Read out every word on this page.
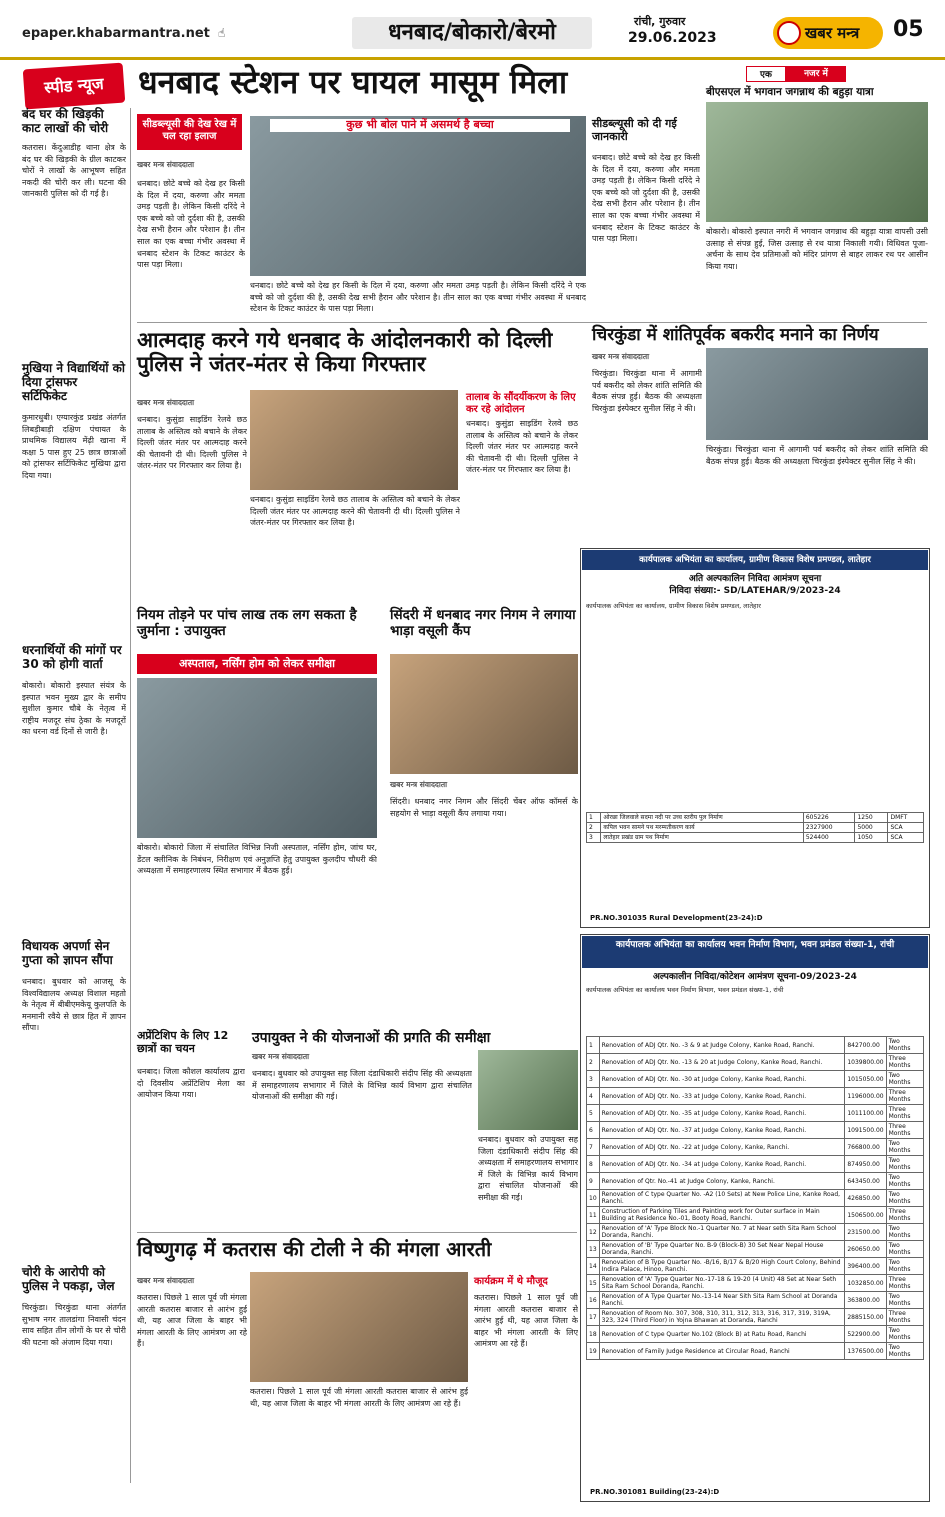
epaper.khabarmantra.net ☝	धनबाद/बोकारो/बेरमो	रांची, गुरुवार
29.06.2023	खबर मन्त्र 05
स्पीड न्यूज	धनबाद स्टेशन पर घायल मासूम मिला
बंद घर की खिड़की काट लाखों की चोरी
कतरास। केंदुआडीह थाना क्षेत्र के बंद घर की खिड़की के ग्रील काटकर चोरों ने लाखों के आभूषण सहित नकदी की चोरी कर ली। घटना की जानकारी पुलिस को दी गई है।
मुखिया ने विद्यार्थियों को दिया ट्रांसफर सर्टिफिकेट
कुमारधुबी। एग्यारकुंड प्रखंड अंतर्गत लिबड़ीबाड़ी दक्षिण पंचायत के प्राथमिक विद्यालय मेंढ़ी खाना में कक्षा 5 पास हुए 25 छात्र छात्राओं को ट्रांसफर सर्टिफिकेट मुखिया द्वारा दिया गया।
धरनार्थियों की मांगों पर 30 को होगी वार्ता
बोकारो। बोकारो इस्पात संयंत्र के इस्पात भवन मुख्य द्वार के समीप सुशील कुमार चौबे के नेतृत्व में राष्ट्रीय मजदूर संघ ठ्रेका के मजदूरों का धरना वर्ड दिनों से जारी है।
विधायक अपर्णा सेन गुप्ता को ज्ञापन सौंपा
धनबाद। बुधवार को आजसू के विश्वविद्यालय अध्यक्ष विशाल महतो के नेतृत्व में बीबीएमकेयू कुलपति के मनमानी रवैये से छात्र हित में ज्ञापन सौंपा।
चोरी के आरोपी को पुलिस ने पकड़ा, जेल
चिरकुंडा। चिरकुंडा थाना अंतर्गत सुभाष नगर तालडांगा निवासी चंदन साव सहित तीन लोगों के घर से चोरी की घटना को अंजाम दिया गया।
सीडब्ल्यूसी की देख रेख में चल रहा इलाज
कुछ भी बोल पाने में असमर्थ है बच्चा
खबर मन्त्र संवाददाता
धनबाद। छोटे बच्चे को देख हर किसी के दिल में दया, करुणा और ममता उमड़ पड़ती है। लेकिन किसी दरिंदे ने एक बच्चे को जो दुर्दशा की है, उसकी देख सभी हैरान और परेशान है। तीन साल का एक बच्चा गंभीर अवस्था में धनबाद स्टेशन के टिकट काउंटर के पास पड़ा मिला।
धनबाद। छोटे बच्चे को देख हर किसी के दिल में दया, करुणा और ममता उमड़ पड़ती है। लेकिन किसी दरिंदे ने एक बच्चे को जो दुर्दशा की है, उसकी देख सभी हैरान और परेशान है। तीन साल का एक बच्चा गंभीर अवस्था में धनबाद स्टेशन के टिकट काउंटर के पास पड़ा मिला।
सीडब्ल्यूसी को दी गई जानकारी
धनबाद। छोटे बच्चे को देख हर किसी के दिल में दया, करुणा और ममता उमड़ पड़ती है। लेकिन किसी दरिंदे ने एक बच्चे को जो दुर्दशा की है, उसकी देख सभी हैरान और परेशान है। तीन साल का एक बच्चा गंभीर अवस्था में धनबाद स्टेशन के टिकट काउंटर के पास पड़ा मिला।
एक	नजर में
बीएसएल में भगवान जगन्नाथ की बहुड़ा यात्रा
बोकारो। बोकारो इस्पात नगरी में भगवान जगन्नाथ की बहुड़ा यात्रा वापसी उसी उत्साह से संपन्न हुई, जिस उत्साह से रथ यात्रा निकाली गयी। विधिवत पूजा-अर्चना के साथ देव प्रतिमाओं को मंदिर प्रांगण से बाहर लाकर रथ पर आसीन किया गया।
आत्मदाह करने गये धनबाद के आंदोलनकारी को दिल्ली पुलिस ने जंतर-मंतर से किया गिरफ्तार
खबर मन्त्र संवाददाता
धनबाद। कुसुंडा साइडिंग रेलवे छठ तालाब के अस्तित्व को बचाने के लेकर दिल्ली जंतर मंतर पर आत्मदाह करने की चेतावनी दी थी। दिल्ली पुलिस ने जंतर-मंतर पर गिरफ्तार कर लिया है।
धनबाद। कुसुंडा साइडिंग रेलवे छठ तालाब के अस्तित्व को बचाने के लेकर दिल्ली जंतर मंतर पर आत्मदाह करने की चेतावनी दी थी। दिल्ली पुलिस ने जंतर-मंतर पर गिरफ्तार कर लिया है।
तालाब के सौंदर्यीकरण के लिए कर रहे आंदोलन
धनबाद। कुसुंडा साइडिंग रेलवे छठ तालाब के अस्तित्व को बचाने के लेकर दिल्ली जंतर मंतर पर आत्मदाह करने की चेतावनी दी थी। दिल्ली पुलिस ने जंतर-मंतर पर गिरफ्तार कर लिया है।
चिरकुंडा में शांतिपूर्वक बकरीद मनाने का निर्णय
खबर मन्त्र संवाददाता
चिरकुंडा। चिरकुंडा थाना में आगामी पर्व बकरीद को लेकर शांति समिति की बैठक संपन्न हुई। बैठक की अध्यक्षता चिरकुंडा इंस्पेक्टर सुनील सिंह ने की।
चिरकुंडा। चिरकुंडा थाना में आगामी पर्व बकरीद को लेकर शांति समिति की बैठक संपन्न हुई। बैठक की अध्यक्षता चिरकुंडा इंस्पेक्टर सुनील सिंह ने की।
कार्यपालक अभियंता का कार्यालय, ग्रामीण विकास विशेष प्रमण्डल, लातेहार
अति अल्पकालिन निविदा आमंत्रण सूचना
निविदा संख्या:- SD/LATEHAR/9/2023-24
कार्यपालक अभियंता का कार्यालय, ग्रामीण विकास विशेष प्रमण्डल, लातेहार
1	ओरछा जिलवाले सदमा नदी पर उच्च स्तरीय पुल निर्माण	605226	1250	DMFT
2	कपिल भवन सामने पथ मरम्मतीकरण कार्य	2327900	5000	SCA
3	लातेहार प्रखंड ग्राम पथ निर्माण	524400	1050	SCA
PR.NO.301035 Rural Development(23-24):D
नियम तोड़ने पर पांच लाख तक लग सकता है जुर्माना : उपायुक्त
अस्पताल, नर्सिंग होम को लेकर समीक्षा
बोकारो। बोकारो जिला में संचालित विभिन्न निजी अस्पताल, नर्सिंग होम, जांच घर, डेंटल क्लीनिक के निबंधन, निरीक्षण एवं अनुज्ञप्ति हेतु उपायुक्त कुलदीप चौधरी की अध्यक्षता में समाहरणालय स्थित सभागार में बैठक हुई।
सिंदरी में धनबाद नगर निगम ने लगाया भाड़ा वसूली कैंप
खबर मन्त्र संवाददाता
सिंदरी। धनबाद नगर निगम और सिंदरी चेंबर ऑफ कॉमर्स के सहयोग से भाड़ा वसूली कैंप लगाया गया।
अप्रेंटिशिप के लिए 12 छात्रों का चयन
धनबाद। जिला कौशल कार्यालय द्वारा दो दिवसीय अप्रेंटिशिप मेला का आयोजन किया गया।
उपायुक्त ने की योजनाओं की प्रगति की समीक्षा
खबर मन्त्र संवाददाता
धनबाद। बुधवार को उपायुक्त सह जिला दंडाधिकारी संदीप सिंह की अध्यक्षता में समाहरणालय सभागार में जिले के विभिन्न कार्य विभाग द्वारा संचालित योजनाओं की समीक्षा की गई।
धनबाद। बुधवार को उपायुक्त सह जिला दंडाधिकारी संदीप सिंह की अध्यक्षता में समाहरणालय सभागार में जिले के विभिन्न कार्य विभाग द्वारा संचालित योजनाओं की समीक्षा की गई।
विष्णुगढ़ में कतरास की टोली ने की मंगला आरती
खबर मन्त्र संवाददाता
कतरास। पिछले 1 साल पूर्व जी मंगला आरती कतरास बाजार से आरंभ हुई थी, यह आज जिला के बाहर भी मंगला आरती के लिए आमंत्रण आ रहे हैं।
कतरास। पिछले 1 साल पूर्व जी मंगला आरती कतरास बाजार से आरंभ हुई थी, यह आज जिला के बाहर भी मंगला आरती के लिए आमंत्रण आ रहे हैं।
कार्यक्रम में थे मौजूद
कतरास। पिछले 1 साल पूर्व जी मंगला आरती कतरास बाजार से आरंभ हुई थी, यह आज जिला के बाहर भी मंगला आरती के लिए आमंत्रण आ रहे हैं।
कार्यपालक अभियंता का कार्यालय भवन निर्माण विभाग, भवन प्रमंडल संख्या-1, रांची
अल्पकालीन निविदा/कोटेशन आमंत्रण सूचना-09/2023-24
कार्यपालक अभियंता का कार्यालय भवन निर्माण विभाग, भवन प्रमंडल संख्या-1, रांची
1	Renovation of ADJ Qtr. No. -3 & 9 at Judge Colony, Kanke Road, Ranchi.	842700.00	Two Months
2	Renovation of ADJ Qtr. No. -13 & 20 at Judge Colony, Kanke Road, Ranchi.	1039800.00	Three Months
3	Renovation of ADJ Qtr. No. -30 at Judge Colony, Kanke Road, Ranchi.	1015050.00	Two Months
4	Renovation of ADJ Qtr. No. -33 at Judge Colony, Kanke Road, Ranchi.	1196000.00	Three Months
5	Renovation of ADJ Qtr. No. -35 at Judge Colony, Kanke Road, Ranchi.	1011100.00	Three Months
6	Renovation of ADJ Qtr. No. -37 at Judge Colony, Kanke Road, Ranchi.	1091500.00	Three Months
7	Renovation of ADJ Qtr. No. -22 at Judge Colony, Kanke, Ranchi.	766800.00	Two Months
8	Renovation of ADJ Qtr. No. -34 at Judge Colony, Kanke Road, Ranchi.	874950.00	Two Months
9	Renovation of Qtr. No.-41 at Judge Colony, Kanke, Ranchi.	643450.00	Two Months
10	Renovation of C type Quarter No. -A2 (10 Sets) at New Police Line, Kanke Road, Ranchi.	426850.00	Two Months
11	Construction of Parking Tiles and Painting work for Outer surface in Main Building at Residence No.-01, Booty Road, Ranchi.	1506500.00	Three Months
12	Renovation of 'A' Type Block No.-1 Quarter No. 7 at Near seth Sita Ram School Doranda, Ranchi.	231500.00	Two Months
13	Renovation of 'B' Type Quarter No. B-9 (Block-B) 30 Set Near Nepal House Doranda, Ranchi.	260650.00	Two Months
14	Renovation of B Type Quarter No. -B/16, B/17 & B/20 High Court Colony, Behind Indira Palace, Hinoo, Ranchi.	396400.00	Two Months
15	Renovation of 'A' Type Quarter No.-17-18 & 19-20 (4 Unit) 48 Set at Near Seth Sita Ram School Doranda, Ranchi.	1032850.00	Three Months
16	Renovation of A Type Quarter No.-13-14 Near Sith Sita Ram School at Doranda Ranchi.	363800.00	Two Months
17	Renovation of Room No. 307, 308, 310, 311, 312, 313, 316, 317, 319, 319A, 323, 324 (Third Floor) in Yojna Bhawan at Doranda, Ranchi	2885150.00	Three Months
18	Renovation of C type Quarter No.102 (Block B) at Ratu Road, Ranchi	522900.00	Two Months
19	Renovation of Family Judge Residence at Circular Road, Ranchi	1376500.00	Two Months
PR.NO.301081 Building(23-24):D
